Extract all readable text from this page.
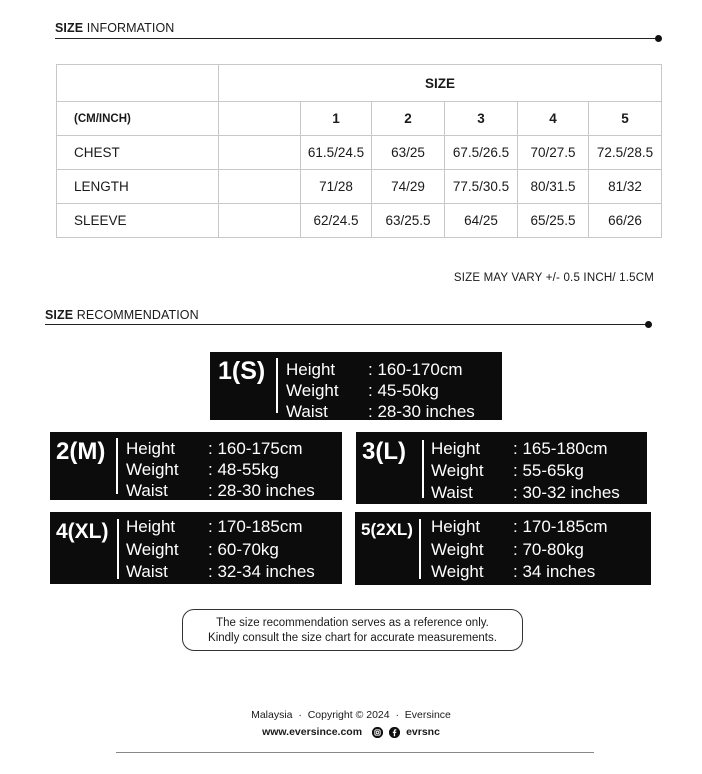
SIZE INFORMATION
	SIZE					
(CM/INCH)		1	2	3	4	5
CHEST		61.5/24.5	63/25	67.5/26.5	70/27.5	72.5/28.5
LENGTH		71/28	74/29	77.5/30.5	80/31.5	81/32
SLEEVE		62/24.5	63/25.5	64/25	65/25.5	66/26
SIZE MAY VARY +/- 0.5 INCH/ 1.5CM
SIZE RECOMMENDATION
1(S) Height	: 160-170cm
Weight	: 45-50kg
Waist	: 28-30 inches
2(M) Height	: 160-175cm
Weight	: 48-55kg
Waist	: 28-30 inches
3(L) Height	: 165-180cm
Weight	: 55-65kg
Waist	: 30-32 inches
4(XL) Height	: 170-185cm
Weight	: 60-70kg
Waist	: 32-34 inches
5(2XL) Height	: 170-185cm
Weight	: 70-80kg
Weight	: 34 inches
The size recommendation serves as a reference only.
Kindly consult the size chart for accurate measurements.
Malaysia · Copyright © 2024 · Eversince
www.eversince.com	evrsnc
